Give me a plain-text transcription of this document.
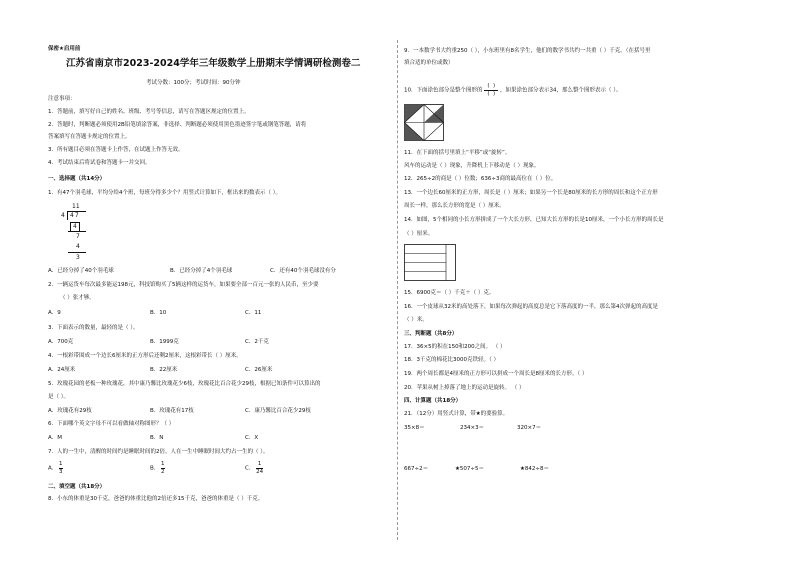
保密★启用前
江苏省南京市2023-2024学年三年级数学上册期末学情调研检测卷二
考试分数：100分；考试时间：90分钟
注意事项：
1．答题前，填写好自己的姓名、班级、考号等信息，请写在答题区规定的位置上。
2．答题时，判断题必须使用2B铅笔填涂答案，非选择、判断题必须使用黑色墨迹签字笔或钢笔答题，请将
答案填写在答题卡规定的位置上。
3．所有题目必须在答题卡上作答，在试题上作答无效。
4．考试结束后将试卷和答题卡一并交回。
一、选择题（共14分）
1．有47个羽毛球，平均分给4个班，每班分得多少个？用竖式计算如下，框出来的数表示（ ）。
11
4 47
4
7
4
3
A．已经分掉了40个羽毛球	B．已经分掉了4个羽毛球	C．还有40个羽毛球没有分
2．一辆运货车每次最多能运198元，科技馆购买了5辆这样的运货车，如果要全部一百元一张的人民币，至少要
（ ）张才够。
A．9	B．10	C．11
3．下面表示的数量，最轻的是（ ）。
A．700克	B．1999克	C．2千克
4．一根彩带围成一个边长6厘米的正方形后还剩2厘米，这根彩带长（ ）厘米。
A．24厘米	B．22厘米	C．26厘米
5．玫瑰花园的老板一种玫瑰花，其中康乃馨比玫瑰花少6枝，玫瑰花比百合花少29枝，根据已知条件可以算出的
是（ ）。
A．玫瑰花有29枝	B．玫瑰花有17枝	C．康乃馨比百合花少29枝
6．下面哪个英文字母不可以看做轴对称图形？（ ）
A．M	B．N	C．X
7．人的一生中，清醒的时间约是睡眠时间的2倍。人在一生中睡眠时间大约占一生的（ ）。
A． $\frac{1}{3}$	B． $\frac{1}{2}$	C． $\frac{1}{24}$
二、填空题（共18分）
8．小东的体重是30千克，爸爸的体重比他的2倍还多15千克，爸爸的体重是（ ）千克。
9．一本数学书大约重250（ ），小东班里有8名学生，他们的数学书共约一共重（ ）千克。（在括号里
填合适的单位或数）
10．下面涂色部分是整个图形的 $\frac{( )}{( )}$ ，如果涂色部分表示34，那么整个图形表示（ ）。
11．在下面的括号里填上“平移”或“旋转”。
风车的运动是（ ）现象，升降机上下移动是（ ）现象。
12．265÷2的商是（ ）位数；636÷3商的最高位在（ ）位。
13．一个边长60厘米的正方形，周长是（ ）厘米；如果另一个长是80厘米的长方形的周长和这个正方形
周长一样，那么长方形的宽是（ ）厘米。
14．如图，5个相同的小长方形拼成了一个大长方形，已知大长方形的长是10厘米，一个小长方形的周长是
（ ）厘米。
15．6900克＝（ ）千克＋（ ）克。
16．一个皮球从32米的高处落下，如果每次弹起的高度总是它下落高度的一半，那么第4次弹起的高度是
（ ）米。
三、判断题（共8分）
17．36×5的积在150和200之间。 （ ）
18．3千克的棉花比3000克铁轻。（ ）
19．两个周长都是4厘米的正方形可以拼成一个周长是8厘米的长方形。（ ）
20．苹果从树上掉落了地上的运动是旋转。 （ ）
四、计算题（共18分）
21．（12分）用竖式计算，带★的要验算。
35×8＝	234×3＝	320×7＝
667÷2＝	★507÷5＝	★842÷8＝
